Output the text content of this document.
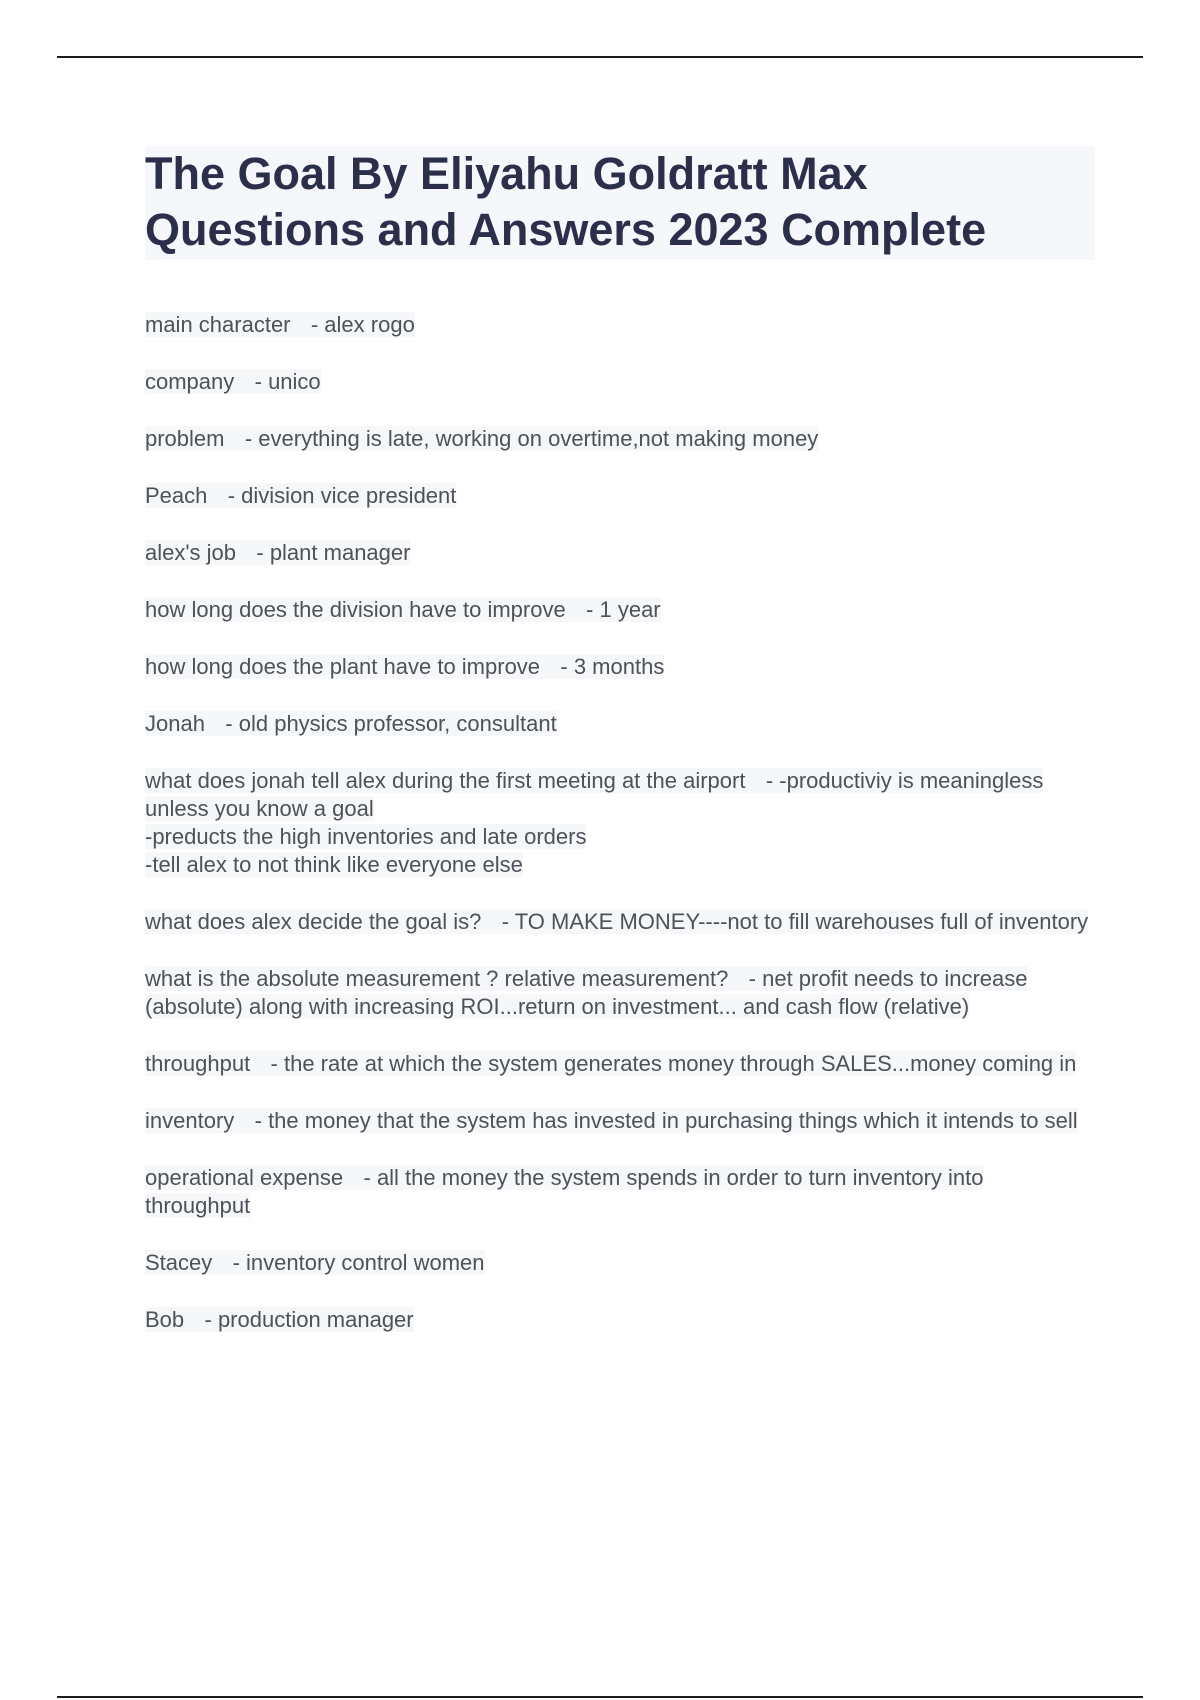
The Goal By Eliyahu Goldratt Max Questions and Answers 2023 Complete

main character - alex rogo

company - unico

problem - everything is late, working on overtime,not making money

Peach - division vice president

alex's job - plant manager

how long does the division have to improve - 1 year

how long does the plant have to improve - 3 months

Jonah - old physics professor, consultant

what does jonah tell alex during the first meeting at the airport - -productiviy is meaningless unless you know a goal
-preducts the high inventories and late orders
-tell alex to not think like everyone else

what does alex decide the goal is? - TO MAKE MONEY----not to fill warehouses full of inventory

what is the absolute measurement ? relative measurement? - net profit needs to increase (absolute) along with increasing ROI...return on investment... and cash flow (relative)

throughput - the rate at which the system generates money through SALES...money coming in

inventory - the money that the system has invested in purchasing things which it intends to sell

operational expense - all the money the system spends in order to turn inventory into throughput

Stacey - inventory control women

Bob - production manager
